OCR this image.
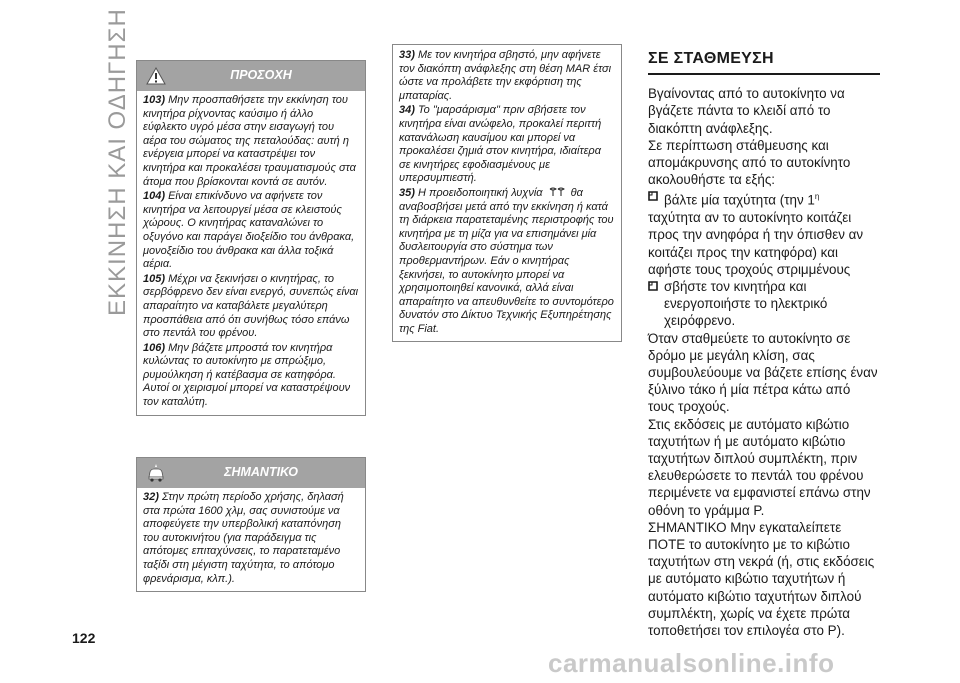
ΕΚΚΙΝΗΣΗ ΚΑΙ ΟΔΗΓΗΣΗ	ΠΡΟΣΟΧΗ

103) Μην προσπαθήσετε την εκκίνηση του κινητήρα ρίχνοντας καύσιμο ή άλλο εύφλεκτο υγρό μέσα στην εισαγωγή του αέρα του σώματος της πεταλούδας: αυτή η ενέργεια μπορεί να καταστρέψει τον κινητήρα και προκαλέσει τραυματισμούς στα άτομα που βρίσκονται κοντά σε αυτόν.

104) Είναι επικίνδυνο να αφήνετε τον κινητήρα να λειτουργεί μέσα σε κλειστούς χώρους. Ο κινητήρας καταναλώνει το οξυγόνο και παράγει διοξείδιο του άνθρακα, μονοξείδιο του άνθρακα και άλλα τοξικά αέρια.

105) Μέχρι να ξεκινήσει ο κινητήρας, το σερβόφρενο δεν είναι ενεργό, συνεπώς είναι απαραίτητο να καταβάλετε μεγαλύτερη προσπάθεια από ότι συνήθως τόσο επάνω στο πεντάλ του φρένου.

106) Μην βάζετε μπροστά τον κινητήρα κυλώντας το αυτοκίνητο με σπρώξιμο, ρυμούλκηση ή κατέβασμα σε κατηφόρα. Αυτοί οι χειρισμοί μπορεί να καταστρέψουν τον καταλύτη.

ΣΗΜΑΝΤΙΚΟ

32) Στην πρώτη περίοδο χρήσης, δηλασή στα πρώτα 1600 χλμ, σας συνιστούμε να αποφεύγετε την υπερβολική καταπόνηση του αυτοκινήτου (για παράδειγμα τις απότομες επιταχύνσεις, το παρατεταμένο ταξίδι στη μέγιστη ταχύτητα, το απότομο φρενάρισμα, κλπ.).

33) Με τον κινητήρα σβηστό, μην αφήνετε τον διακόπτη ανάφλεξης στη θέση MAR έτσι ώστε να προλάβετε την εκφόρτιση της μπαταρίας.

34) Το "μαρσάρισμα" πριν σβήσετε τον κινητήρα είναι ανώφελο, προκαλεί περιττή κατανάλωση καυσίμου και μπορεί να προκαλέσει ζημιά στον κινητήρα, ιδιαίτερα σε κινητήρες εφοδιασμένους με υπερσυμπιεστή.

35) Η προειδοποιητική λυχνία  θα αναβοσβήσει μετά από την εκκίνηση ή κατά τη διάρκεια παρατεταμένης περιστροφής του κινητήρα με τη μίζα για να επισημάνει μία δυσλειτουργία στο σύστημα των προθερμαντήρων. Εάν ο κινητήρας ξεκινήσει, το αυτοκίνητο μπορεί να χρησιμοποιηθεί κανονικά, αλλά είναι απαραίτητο να απευθυνθείτε το συντομότερο δυνατόν στο Δίκτυο Τεχνικής Εξυπηρέτησης της Fiat.

ΣΕ ΣΤΑΘΜΕΥΣΗ

Βγαίνοντας από το αυτοκίνητο να βγάζετε πάντα το κλειδί από το διακόπτη ανάφλεξης.

Σε περίπτωση στάθμευσης και απομάκρυνσης από το αυτοκίνητο ακολουθήστε τα εξής:

βάλτε μία ταχύτητα (την $1^\eta$

ταχύτητα αν το αυτοκίνητο κοιτάζει προς την ανηφόρα ή την όπισθεν αν κοιτάζει προς την κατηφόρα) και αφήστε τους τροχούς στριμμένους

σβήστε τον κινητήρα και ενεργοποιήστε το ηλεκτρικό χειρόφρενο.

Όταν σταθμεύετε το αυτοκίνητο σε δρόμο με μεγάλη κλίση, σας συμβουλεύουμε να βάζετε επίσης έναν ξύλινο τάκο ή μία πέτρα κάτω από τους τροχούς.

Στις εκδόσεις με αυτόματο κιβώτιο ταχυτήτων ή με αυτόματο κιβώτιο ταχυτήτων διπλού συμπλέκτη, πριν ελευθερώσετε το πεντάλ του φρένου περιμένετε να εμφανιστεί επάνω στην οθόνη το γράμμα P.

ΣΗΜΑΝΤΙΚΟ Μην εγκαταλείπετε ΠΟΤΕ το αυτοκίνητο με το κιβώτιο ταχυτήτων στη νεκρά (ή, στις εκδόσεις με αυτόματο κιβώτιο ταχυτήτων ή αυτόματο κιβώτιο ταχυτήτων διπλού συμπλέκτη, χωρίς να έχετε πρώτα τοποθετήσει τον επιλογέα στο P).

122
carmanualsonline.info
